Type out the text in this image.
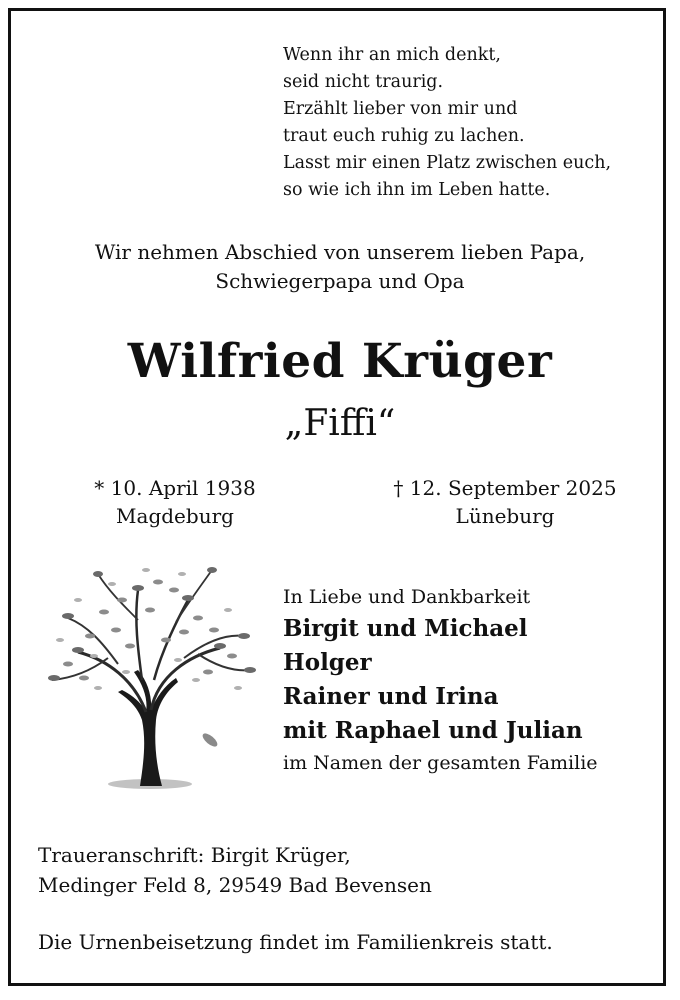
Wenn ihr an mich denkt,
seid nicht traurig.
Erzählt lieber von mir und
traut euch ruhig zu lachen.
Lasst mir einen Platz zwischen euch,
so wie ich ihn im Leben hatte.
Wir nehmen Abschied von unserem lieben Papa,
Schwiegerpapa und Opa
Wilfried Krüger
„Fiffi“
* 10. April 1938
Magdeburg
† 12. September 2025
Lüneburg
In Liebe und Dankbarkeit
Birgit und Michael
Holger
Rainer und Irina
mit Raphael und Julian
im Namen der gesamten Familie
Traueranschrift: Birgit Krüger,
Medinger Feld 8, 29549 Bad Bevensen
Die Urnenbeisetzung findet im Familienkreis statt.
